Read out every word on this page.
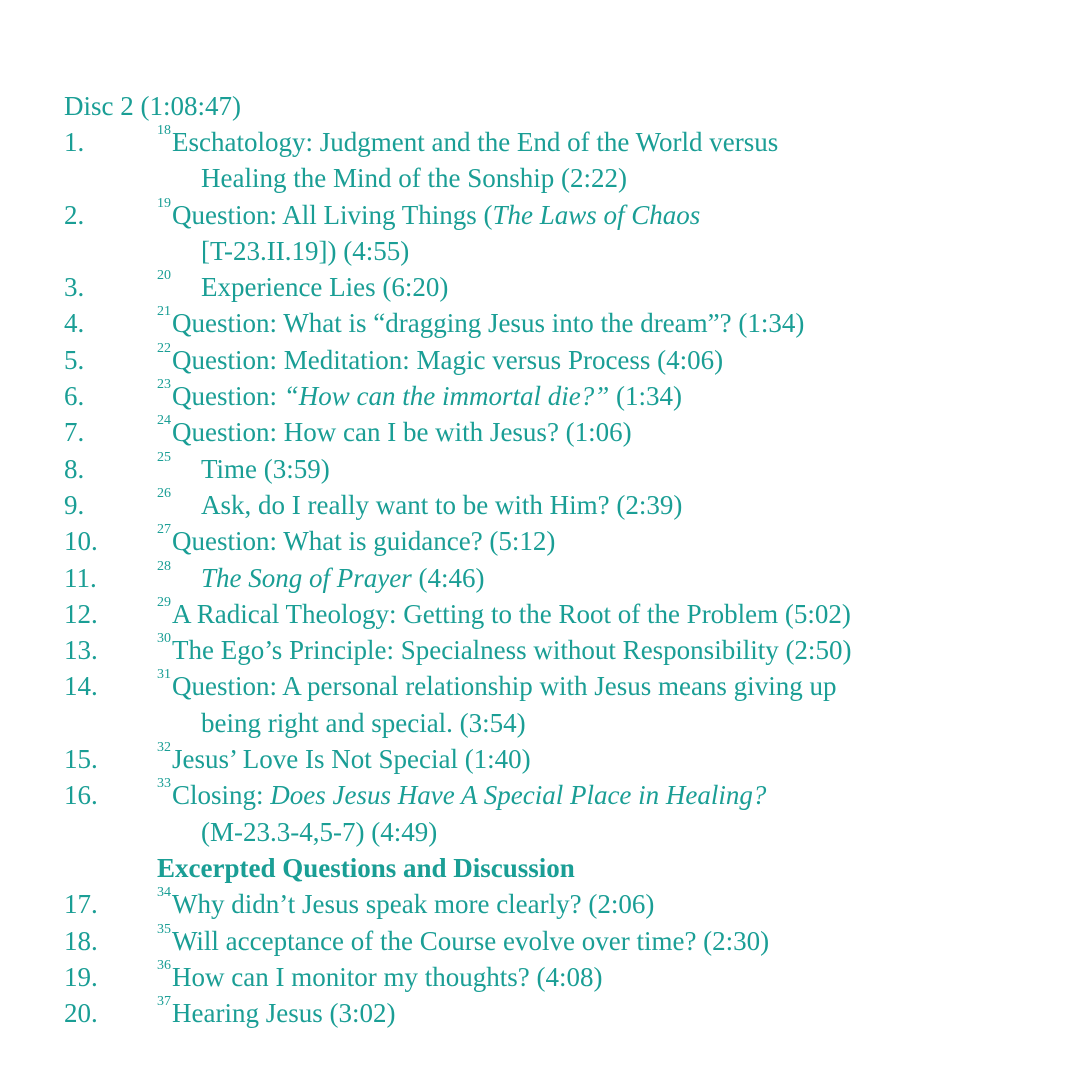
Disc 2 (1:08:47)
1.	18 Eschatology: Judgment and the End of the World versus
Healing the Mind of the Sonship (2:22)
2.	19 Question: All Living Things (The Laws of Chaos
[T-23.II.19]) (4:55)
3.	20 Experience Lies (6:20)
4.	21 Question: What is “dragging Jesus into the dream”? (1:34)
5.	22 Question: Meditation: Magic versus Process (4:06)
6.	23 Question: “How can the immortal die?” (1:34)
7.	24 Question: How can I be with Jesus? (1:06)
8.	25 Time (3:59)
9.	26 Ask, do I really want to be with Him? (2:39)
10.	27 Question: What is guidance? (5:12)
11.	28 The Song of Prayer (4:46)
12.	29 A Radical Theology: Getting to the Root of the Problem (5:02)
13.	30 The Ego’s Principle: Specialness without Responsibility (2:50)
14.	31 Question: A personal relationship with Jesus means giving up
being right and special. (3:54)
15.	32 Jesus’ Love Is Not Special (1:40)
16.	33 Closing: Does Jesus Have A Special Place in Healing?
(M-23.3-4,5-7) (4:49)
Excerpted Questions and Discussion
17.	34 Why didn’t Jesus speak more clearly? (2:06)
18.	35 Will acceptance of the Course evolve over time? (2:30)
19.	36 How can I monitor my thoughts? (4:08)
20.	37 Hearing Jesus (3:02)
